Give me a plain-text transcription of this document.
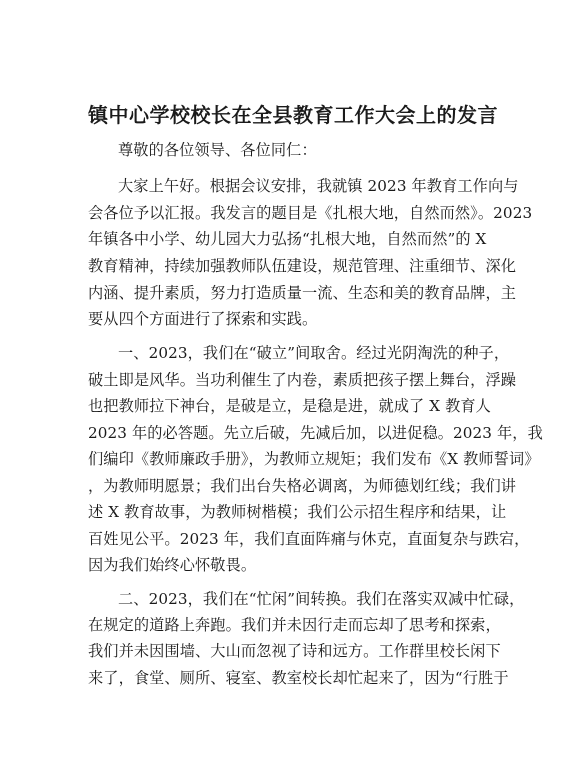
镇中心学校校长在全县教育工作大会上的发言

尊敬的各位领导、各位同仁：

大家上午好。根据会议安排，我就镇 2023 年教育工作向与

会各位予以汇报。我发言的题目是《扎根大地，自然而然》。2023

年镇各中小学、幼儿园大力弘扬“扎根大地，自然而然”的 X

教育精神，持续加强教师队伍建设，规范管理、注重细节、深化

内涵、提升素质，努力打造质量一流、生态和美的教育品牌，主

要从四个方面进行了探索和实践。

一、2023，我们在“破立”间取舍。经过光阴淘洗的种子，

破土即是风华。当功利催生了内卷，素质把孩子摆上舞台，浮躁

也把教师拉下神台，是破是立，是稳是进，就成了 X 教育人

2023 年的必答题。先立后破，先减后加，以进促稳。2023 年，我

们编印《教师廉政手册》，为教师立规矩；我们发布《X 教师誓词》

，为教师明愿景；我们出台失格必调离，为师德划红线；我们讲

述 X 教育故事，为教师树楷模；我们公示招生程序和结果，让

百姓见公平。2023 年，我们直面阵痛与休克，直面复杂与跌宕，

因为我们始终心怀敬畏。

二、2023，我们在“忙闲”间转换。我们在落实双减中忙碌，

在规定的道路上奔跑。我们并未因行走而忘却了思考和探索，

我们并未因围墙、大山而忽视了诗和远方。工作群里校长闲下

来了，食堂、厕所、寝室、教室校长却忙起来了，因为“行胜于
